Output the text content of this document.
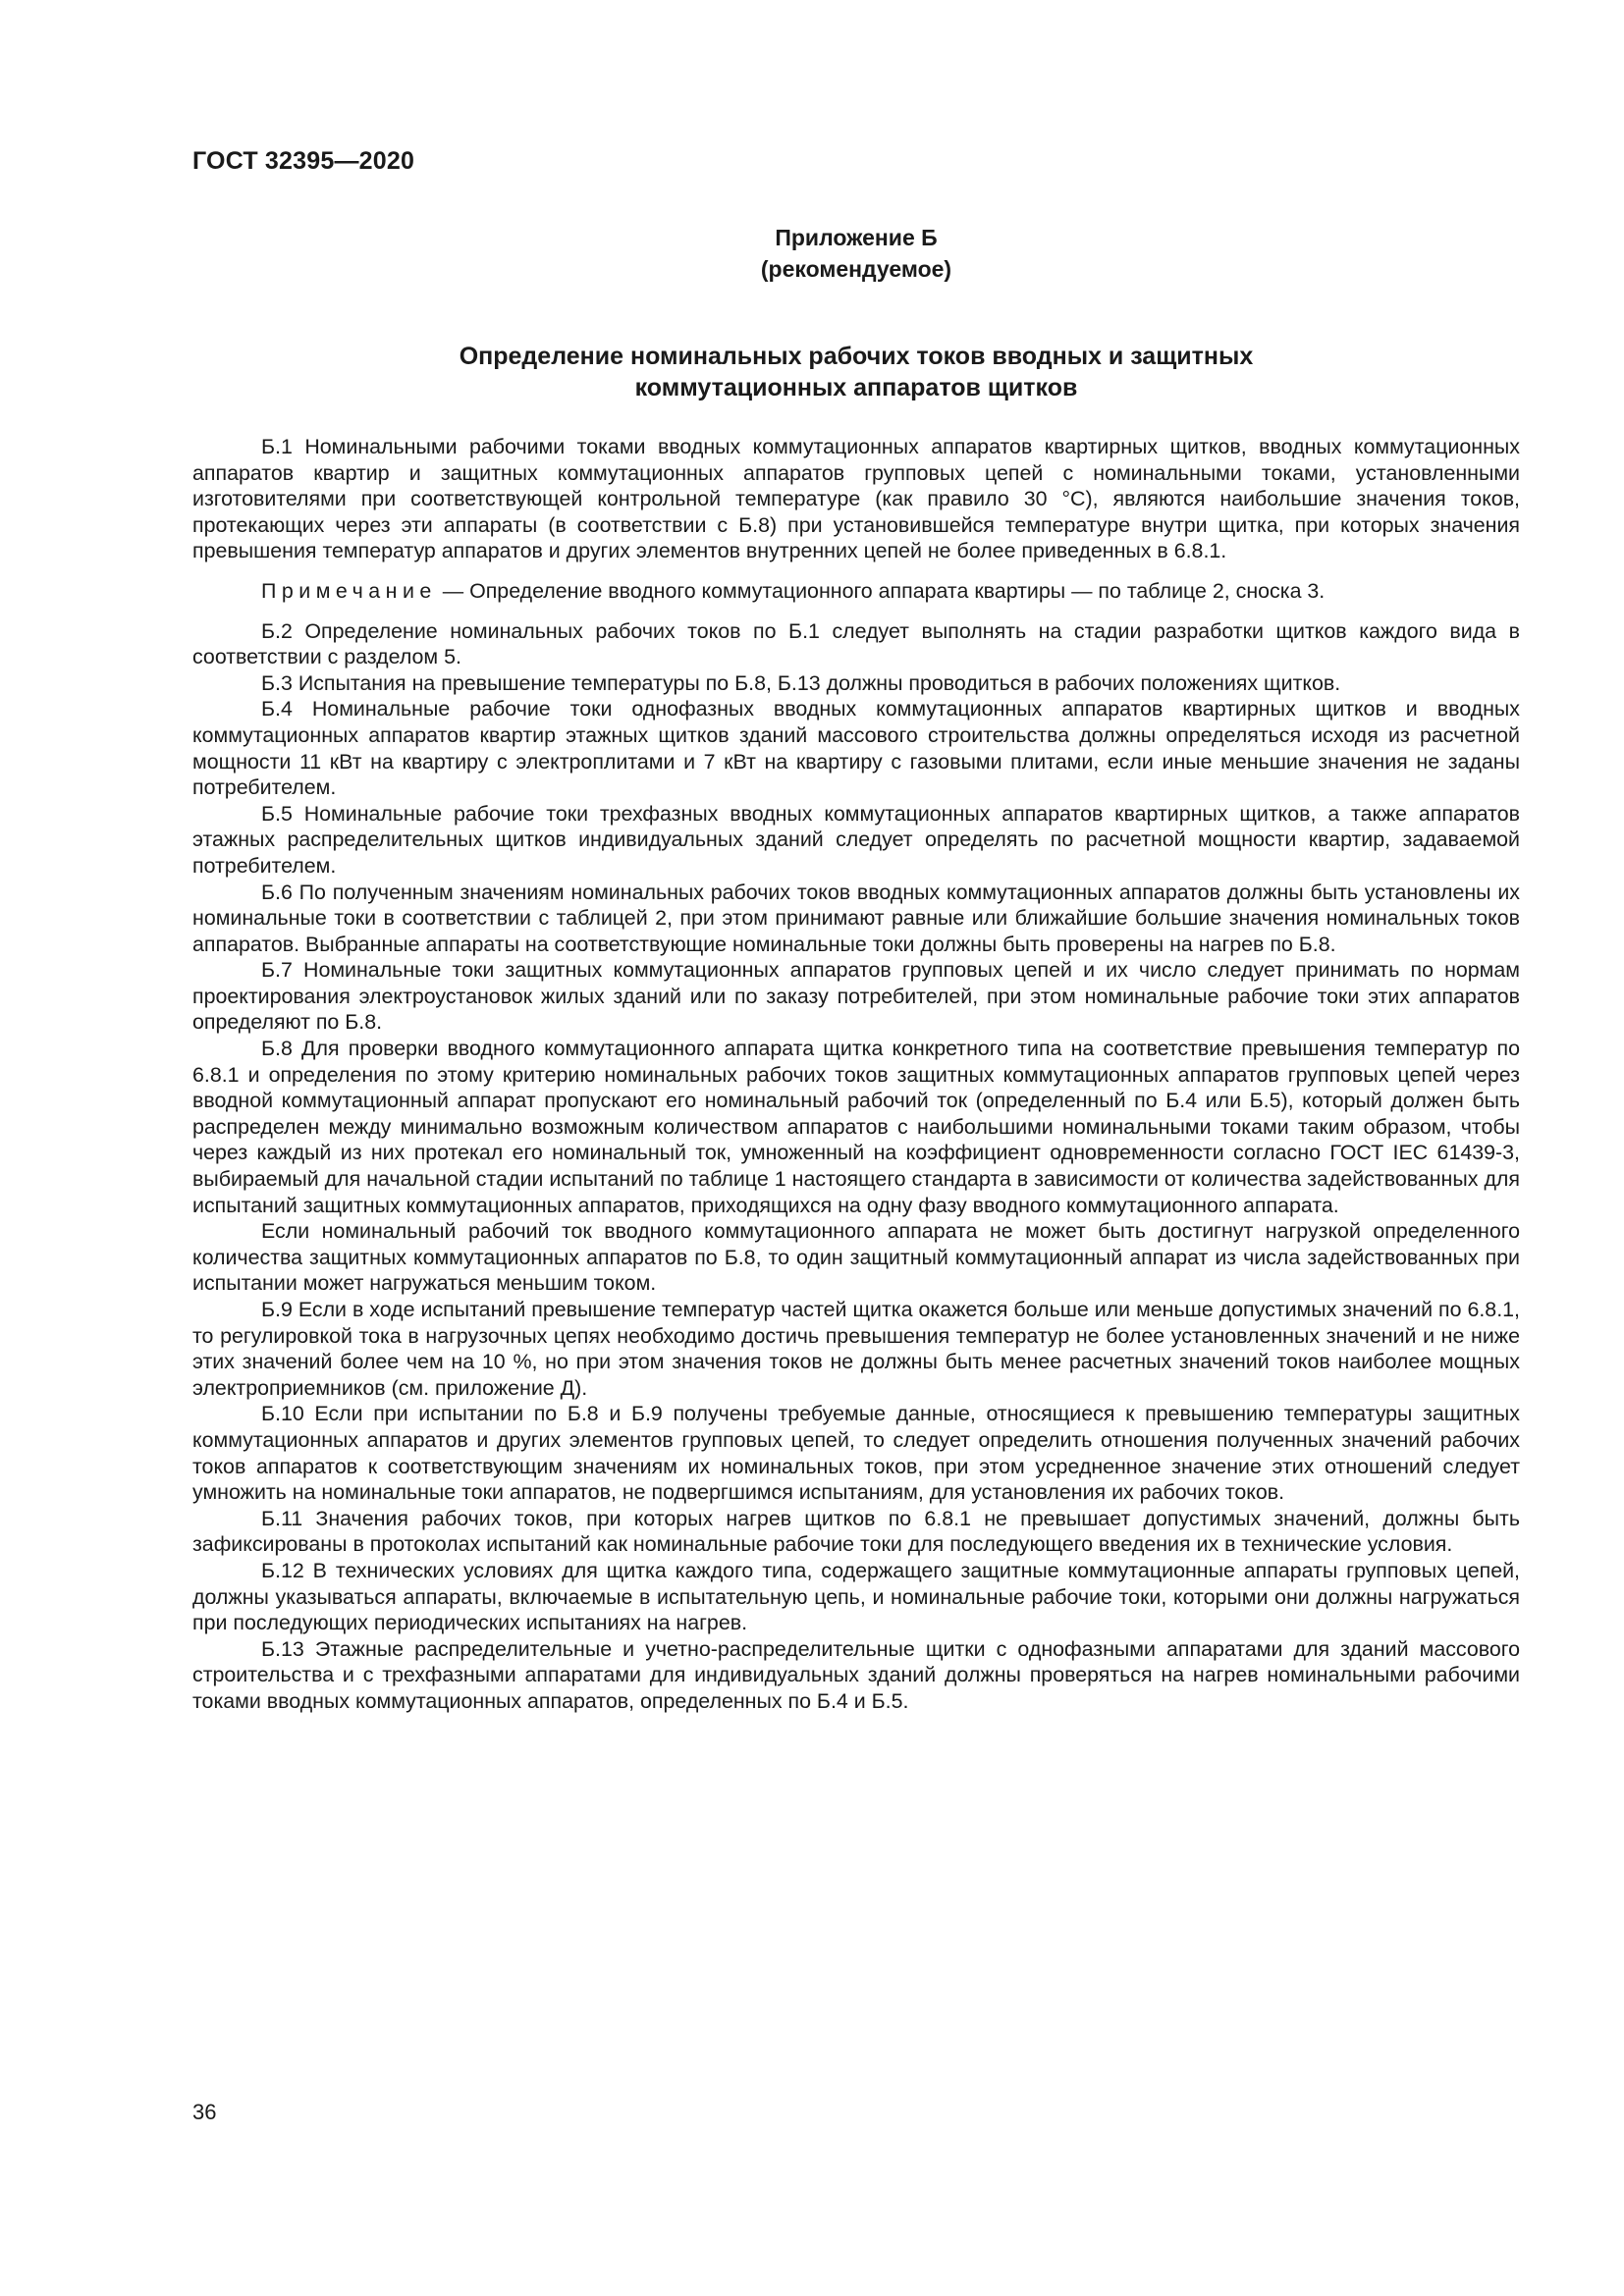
ГОСТ 32395—2020
Приложение Б
(рекомендуемое)
Определение номинальных рабочих токов вводных и защитных
коммутационных аппаратов щитков

Б.1 Номинальными рабочими токами вводных коммутационных аппаратов квартирных щитков, вводных коммутационных аппаратов квартир и защитных коммутационных аппаратов групповых цепей с номинальными токами, установленными изготовителями при соответствующей контрольной температуре (как правило 30 °С), являются наибольшие значения токов, протекающих через эти аппараты (в соответствии с Б.8) при установившейся температуре внутри щитка, при которых значения превышения температур аппаратов и других элементов внутренних цепей не более приведенных в 6.8.1.

Примечание — Определение вводного коммутационного аппарата квартиры — по таблице 2, сноска 3.

Б.2 Определение номинальных рабочих токов по Б.1 следует выполнять на стадии разработки щитков каждого вида в соответствии с разделом 5.

Б.3 Испытания на превышение температуры по Б.8, Б.13 должны проводиться в рабочих положениях щитков.

Б.4 Номинальные рабочие токи однофазных вводных коммутационных аппаратов квартирных щитков и вводных коммутационных аппаратов квартир этажных щитков зданий массового строительства должны определяться исходя из расчетной мощности 11 кВт на квартиру с электроплитами и 7 кВт на квартиру с газовыми плитами, если иные меньшие значения не заданы потребителем.

Б.5 Номинальные рабочие токи трехфазных вводных коммутационных аппаратов квартирных щитков, а также аппаратов этажных распределительных щитков индивидуальных зданий следует определять по расчетной мощности квартир, задаваемой потребителем.

Б.6 По полученным значениям номинальных рабочих токов вводных коммутационных аппаратов должны быть установлены их номинальные токи в соответствии с таблицей 2, при этом принимают равные или ближайшие большие значения номинальных токов аппаратов. Выбранные аппараты на соответствующие номинальные токи должны быть проверены на нагрев по Б.8.

Б.7 Номинальные токи защитных коммутационных аппаратов групповых цепей и их число следует принимать по нормам проектирования электроустановок жилых зданий или по заказу потребителей, при этом номинальные рабочие токи этих аппаратов определяют по Б.8.

Б.8 Для проверки вводного коммутационного аппарата щитка конкретного типа на соответствие превышения температур по 6.8.1 и определения по этому критерию номинальных рабочих токов защитных коммутационных аппаратов групповых цепей через вводной коммутационный аппарат пропускают его номинальный рабочий ток (определенный по Б.4 или Б.5), который должен быть распределен между минимально возможным количеством аппаратов с наибольшими номинальными токами таким образом, чтобы через каждый из них протекал его номинальный ток, умноженный на коэффициент одновременности согласно ГОСТ IEC 61439-3, выбираемый для начальной стадии испытаний по таблице 1 настоящего стандарта в зависимости от количества задействованных для испытаний защитных коммутационных аппаратов, приходящихся на одну фазу вводного коммутационного аппарата.

Если номинальный рабочий ток вводного коммутационного аппарата не может быть достигнут нагрузкой определенного количества защитных коммутационных аппаратов по Б.8, то один защитный коммутационный аппарат из числа задействованных при испытании может нагружаться меньшим током.

Б.9 Если в ходе испытаний превышение температур частей щитка окажется больше или меньше допустимых значений по 6.8.1, то регулировкой тока в нагрузочных цепях необходимо достичь превышения температур не более установленных значений и не ниже этих значений более чем на 10 %, но при этом значения токов не должны быть менее расчетных значений токов наиболее мощных электроприемников (см. приложение Д).

Б.10 Если при испытании по Б.8 и Б.9 получены требуемые данные, относящиеся к превышению температуры защитных коммутационных аппаратов и других элементов групповых цепей, то следует определить отношения полученных значений рабочих токов аппаратов к соответствующим значениям их номинальных токов, при этом усредненное значение этих отношений следует умножить на номинальные токи аппаратов, не подвергшимся испытаниям, для установления их рабочих токов.

Б.11 Значения рабочих токов, при которых нагрев щитков по 6.8.1 не превышает допустимых значений, должны быть зафиксированы в протоколах испытаний как номинальные рабочие токи для последующего введения их в технические условия.

Б.12 В технических условиях для щитка каждого типа, содержащего защитные коммутационные аппараты групповых цепей, должны указываться аппараты, включаемые в испытательную цепь, и номинальные рабочие токи, которыми они должны нагружаться при последующих периодических испытаниях на нагрев.

Б.13 Этажные распределительные и учетно-распределительные щитки с однофазными аппаратами для зданий массового строительства и с трехфазными аппаратами для индивидуальных зданий должны проверяться на нагрев номинальными рабочими токами вводных коммутационных аппаратов, определенных по Б.4 и Б.5.

36
